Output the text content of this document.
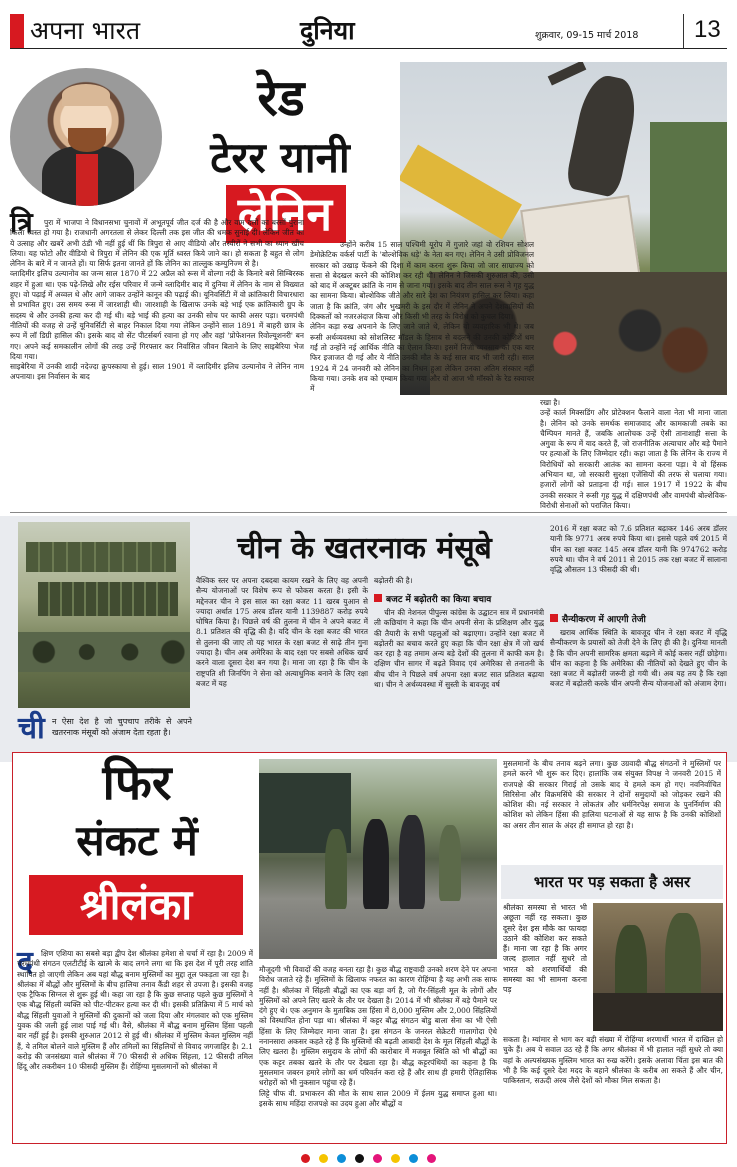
अपना भारत	दुनिया	शुक्रवार, 09-15 मार्च 2018 13
रेड
टेरर यानी
लेनिन
त्रि	पुरा में भाजपा ने विधानसभा चुनावों में अभूतपूर्व जीत दर्ज की है और वाम दलों का बरसों पुराना किला ध्वस्त हो गया है। राजधानी अगरतला से लेकर दिल्ली तक इस जीत की धमक सुनाई दी। लेकिन जीत का ये उत्साह और खबरें अभी ठंडी भी नहीं हुई थीं कि त्रिपुरा से आए वीडियो और तस्वीरों ने सभी का ध्यान खींच लिया। यह फोटो और वीडियो थे त्रिपुरा में लेनिन की एक मूर्ति ध्वस्त किये जाने का। हो सकता है बहुत से लोग लेनिन के बारे में न जानते हों। या सिर्फ इतना जानते हों कि लेनिन का ताल्लुक कम्युनिज्म से है।
व्लादिमीर इलिच उल्यानोव का जन्म साल 1870 में 22 अप्रैल को रूस में वोल्गा नदी के किनारे बसे सिम्बिरस्क शहर में हुआ था। एक पढ़े-लिखे और रईस परिवार में जन्मे व्लादिमीर बाद में दुनिया में लेनिन के नाम से विख्यात हुए। वो पढ़ाई में अव्वल थे और आगे जाकर उन्होंने कानून की पढ़ाई की। यूनिवर्सिटी में वो क्रांतिकारी विचारधारा से प्रभावित हुए। उस समय रूस में जारशाही थी। जारशाही के खिलाफ उनके बड़े भाई एक क्रांतिकारी ग्रुप के सदस्य थे और उनकी हत्या कर दी गई थी। बड़े भाई की हत्या का उनकी सोच पर काफी असर पड़ा। चरमपंथी नीतियों की वजह से उन्हें यूनिवर्सिटी से बाहर निकाल दिया गया लेकिन उन्होंने साल 1891 में बाहरी छात्र के रूप में लॉ डिग्री हासिल की। इसके बाद वो सेंट पीटर्सबर्ग रवाना हो गए और वहां 'प्रोफेशनल रिवोल्यूशनरी' बन गए। अपने कई समकालीन लोगों की तरह उन्हें गिरफ्तार कर निर्वासित जीवन बिताने के लिए साइबेरिया भेज दिया गया।
साइबेरिया में उनकी शादी नदेज्दा क्रुपस्काया से हुई। साल 1901 में व्लादिमीर इलिच उल्यानोव ने लेनिन नाम अपनाया। इस निर्वासन के बाद
उन्होंने करीब 15 साल पश्चिमी यूरोप में गुजारे जहां वो रशियन सोशल डेमोक्रेटिक वर्कर्स पार्टी के 'बोल्शेविक धड़े' के नेता बन गए। लेनिन ने उसी प्रोविजनल सरकार को उखाड़ फेंकने की दिशा में काम करना शुरू किया जो जार साम्राज्य को सत्ता से बेदखल करने की कोशिश कर रही थी। लेनिन ने जिसकी शुरुआत की, उसी को बाद में अक्टूबर क्रांति के नाम से जाना गया। इसके बाद तीन साल रूस ने गृह युद्ध का सामना किया। बोल्शेविक जीते और सारे देश का नियंत्रण हासिल कर लिया। कहा जाता है कि क्रांति, जंग और भुखमरी के इस दौर में लेनिन ने अपने देशवासियों की दिक्कतों को नजरअंदाज किया और किसी भी तरह के विरोध को कुचल दिया।
लेनिन कड़ा रुख अपनाने के लिए जाने जाते थे, लेकिन वो व्यवहारिक भी थे। जब रूसी अर्थव्यवस्था को सोशलिस्ट मॉडल के हिसाब से बदलने की उनकी कोशिशें थम गईं तो उन्होंने नई आर्थिक नीति का ऐलान किया। इसमें निजी व्यवसाय को एक बार फिर इजाजत दी गई और ये नीति उनकी मौत के कई साल बाद भी जारी रही। साल 1924 में 24 जनवरी को लेनिन का निधन हुआ लेकिन उनका अंतिम संस्कार नहीं किया गया। उनके शव को एम्बाम किया गया और वो आज भी मॉस्को के रेड स्क्वायर में
रखा है।
उन्हें कार्ल मिक्सडिंग और प्रोटेक्शन फैलाने वाला नेता भी माना जाता है। लेनिन को उनके समर्थक समाजवाद और कामकाजी तबके का चैम्पियन मानते हैं, जबकि आलोचक उन्हें ऐसी तानाशाही सत्ता के अगुवा के रूप में याद करते हैं, जो राजनीतिक अत्याचार और बड़े पैमाने पर हत्याओं के लिए जिम्मेदार रही। कहा जाता है कि लेनिन के राज्य में विरोधियों को सरकारी आतंक का सामना करना पड़ा। ये वो हिंसक अभियान था, जो सरकारी सुरक्षा एजेंसियों की तरफ से चलाया गया। हजारों लोगों को प्रताड़ना दी गई। साल 1917 में 1922 के बीच उनकी सरकार ने रूसी गृह युद्ध में दक्षिणपंथी और वामपंथी बोल्शेविक-विरोधी सेनाओं को पराजित किया।
चीन के खतरनाक मंसूबे
ची न ऐसा देश है जो चुपचाप तरीके से अपने खतरनाक मंसूबों को अंजाम देता रहता है।
वैश्विक स्तर पर अपना दबदबा कायम रखने के लिए वह अपनी सैन्य योजनाओं पर विशेष रूप से फोकस करता है। इसी के मद्देनजर चीन ने इस साल का रक्षा बजट 11 खरब युआन से ज्यादा अर्थात 175 अरब डॉलर यानी 1139887 करोड़ रुपये घोषित किया है। पिछले वर्ष की तुलना में चीन ने अपने बजट में 8.1 प्रतिशत की वृद्धि की है। यदि चीन के रक्षा बजट की भारत से तुलना की जाए तो यह भारत के रक्षा बजट से साढ़े तीन गुना ज्यादा है। चीन अब अमेरिका के बाद रक्षा पर सबसे अधिक खर्च करने वाला दूसरा देश बन गया है। माना जा रहा है कि चीन के राष्ट्रपति शी जिनपिंग ने सेना को अत्याधुनिक बनाने के लिए रक्षा बजट में यह
बढ़ोतरी की है।
बजट में बढ़ोतरी का किया बचाव
चीन की नेशनल पीपुल्स कांग्रेस के उद्घाटन सत्र में प्रधानमंत्री ली कछियांग ने कहा कि चीन अपनी सेना के प्रशिक्षण और युद्ध की तैयारी के सभी पहलुओं को बढ़ाएगा। उन्होंने रक्षा बजट में बढ़ोतरी का बचाव करते हुए कहा कि चीन रक्षा क्षेत्र में जो खर्च कर रहा है वह तमाम अन्य बड़े देशों की तुलना में काफी कम है। दक्षिण चीन सागर में बढ़ते विवाद एवं अमेरिका से तनातनी के बीच चीन ने पिछले वर्ष अपना रक्षा बजट सात प्रतिशत बढ़ाया था। चीन ने अर्थव्यवस्था में सुस्ती के बावजूद वर्ष
2016 में रक्षा बजट को 7.6 प्रतिशत बढ़ाकर 146 अरब डॉलर यानी कि 9771 अरब रुपये किया था। इससे पहले वर्ष 2015 में चीन का रक्षा बजट 145 अरब डॉलर यानी कि 974762 करोड़ रुपये था। चीन ने वर्ष 2011 से 2015 तक रक्षा बजट में सालाना वृद्धि औसतन 13 फीसदी की थी।
सैन्यीकरण में आएगी तेजी
खराब आर्थिक स्थिति के बावजूद चीन ने रक्षा बजट में वृद्धि सैन्यीकरण के प्रयासों को तेजी देने के लिए ही की है। दुनिया मानती है कि चीन अपनी सामरिक क्षमता बढ़ाने में कोई कसर नहीं छोड़ेगा। चीन का कहना है कि अमेरिका की नीतियों को देखते हुए चीन के रक्षा बजट में बढ़ोतरी जरूरी हो गयी थी। अब यह तय है कि रक्षा बजट में बढ़ोतरी करके चीन अपनी सैन्य योजनाओं को अंजाम देगा।
फिर
संकट में
श्रीलंका
द	क्षिण एशिया का सबसे बड़ा द्वीप देश श्रीलंका हमेशा से चर्चा में रहा है। 2009 में चरमपंथी संगठन एलटीटीई के खात्मे के बाद लगने लगा था कि इस देश में पूरी तरह शांति स्थापित हो जाएगी लेकिन अब यहां बौद्ध बनाम मुस्लिमों का मुद्दा तूल पकड़ता जा रहा है।
श्रीलंका में बौद्धों और मुस्लिमों के बीच हालिया तनाव कैंडी शहर से उपजा है। इसकी वजह एक ट्रैफिक सिग्नल से शुरू हुई थी। कहा जा रहा है कि कुछ सप्ताह पहले कुछ मुस्लिमों ने एक बौद्ध सिंहली व्यक्ति को पीट-पीटकर हत्या कर दी थी। इसकी प्रतिक्रिया में 5 मार्च को बौद्ध सिंहली युवाओं ने मुस्लिमों की दुकानों को जला दिया और मंगलवार को एक मुस्लिम युवक की जली हुई लाश पाई गई थी। वैसे, श्रीलंका में बौद्ध बनाम मुस्लिम हिंसा पहली बार नहीं हुई है। इसकी शुरुआत 2012 से हुई थी। श्रीलंका में मुस्लिम केवल मुस्लिम नहीं हैं, ये तमिल बोलने वाले मुस्लिम हैं और तमिलों का सिंहलियों से विवाद जगजाहिर है। 2.1 करोड़ की जनसंख्या वाले श्रीलंका में 70 फीसदी से अधिक सिंहला, 12 फीसदी तमिल हिंदू और तकरीबन 10 फीसदी मुस्लिम हैं। रोहिंग्या मुसलमानों को श्रीलंका में
मौजूदगी भी विवादों की वजह बनता रहा है। कुछ बौद्ध राष्ट्रवादी उनको शरण देने पर अपना विरोध जताते रहे हैं। मुस्लिमों के खिलाफ नफरत का कारण रोहिंग्या है यह अभी तक साफ नहीं है। श्रीलंका में सिंहली बौद्धों का एक बड़ा वर्ग है, जो गैर-सिंहली मूल के लोगों और मुस्लिमों को अपने लिए खतरे के तौर पर देखता है। 2014 में भी श्रीलंका में बड़े पैमाने पर दंगे हुए थे। एक अनुमान के मुताबिक उस हिंसा में 8,000 मुस्लिम और 2,000 सिंहलियों को विस्थापित होना पड़ा था। श्रीलंका में कट्टर बौद्ध संगठन बोडु बाला सेना का भी ऐसी हिंसा के लिए जिम्मेदार माना जाता है। इस संगठन के जनरल सेक्रेटरी गालागोदा ऐथे ननानसारा अकसर कहते रहे हैं कि मुस्लिमों की बढ़ती आबादी देश के मूल सिंहली बौद्धों के लिए खतरा है। मुस्लिम समुदाय के लोगों की कारोबार में मजबूत स्थिति को भी बौद्धों का एक कट्टर तबका खतरे के तौर पर देखता रहा है। बौद्ध कट्टरपंथियों का कहना है कि मुसलमान जबरन हमारे लोगों का धर्म परिवर्तन करा रहे हैं और साथ ही हमारी ऐतिहासिक धरोहरों को भी नुकसान पहुंचा रहे हैं।
लिट्टे चीफ वी. प्रभाकरन की मौत के साथ साल 2009 में ईलम युद्ध समाप्त हुआ था। इसके साथ महिंदा राजपक्षे का उदय हुआ और बौद्धों व
मुसलमानों के बीच तनाव बढ़ने लगा। कुछ उग्रवादी बौद्ध संगठनों ने मुस्लिमों पर हमले करने भी शुरू कर दिए। हालांकि जब संयुक्त विपक्ष ने जनवरी 2015 में राजपक्षे की सरकार गिराई तो उसके बाद ये हमले कम हो गए। नवनिर्वाचित सिरिसेना और विक्रमसिंघे की सरकार ने दोनों समुदायों को जोड़कर रखने की कोशिश की। नई सरकार ने लोकतंत्र और धर्मनिरपेक्ष समाज के पुनर्निर्माण की कोशिश को लेकिन हिंसा की हालिया घटनाओं से यह साफ है कि उनकी कोशिशों का असर तीन साल के अंदर ही समाप्त हो रहा है।
भारत पर पड़ सकता है असर
श्रीलंका समस्या से भारत भी अछूता नहीं रह सकता। कुछ दूसरे देश इस मौके का फायदा उठाने की कोशिश कर सकते हैं। माना जा रहा है कि अगर जल्द हालात नहीं सुधरे तो भारत को शरणार्थियों की समस्या का भी सामना करना पड़
सकता है। म्यांमार से भाग कर बड़ी संख्या में रोहिंग्या शरणार्थी भारत में दाखिल हो चुके हैं। अब ये सवाल उठ रहे हैं कि अगर श्रीलंका में भी हालात नहीं सुधरे तो क्या वहां के अल्पसंख्यक मुस्लिम भारत का रुख करेंगे। इसके अलावा चिंता इस बात की भी है कि कई दूसरे देश मदद के बहाने श्रीलंका के करीब आ सकते हैं और चीन, पाकिस्तान, सऊदी अरब जैसे देशों को मौका मिल सकता है।
